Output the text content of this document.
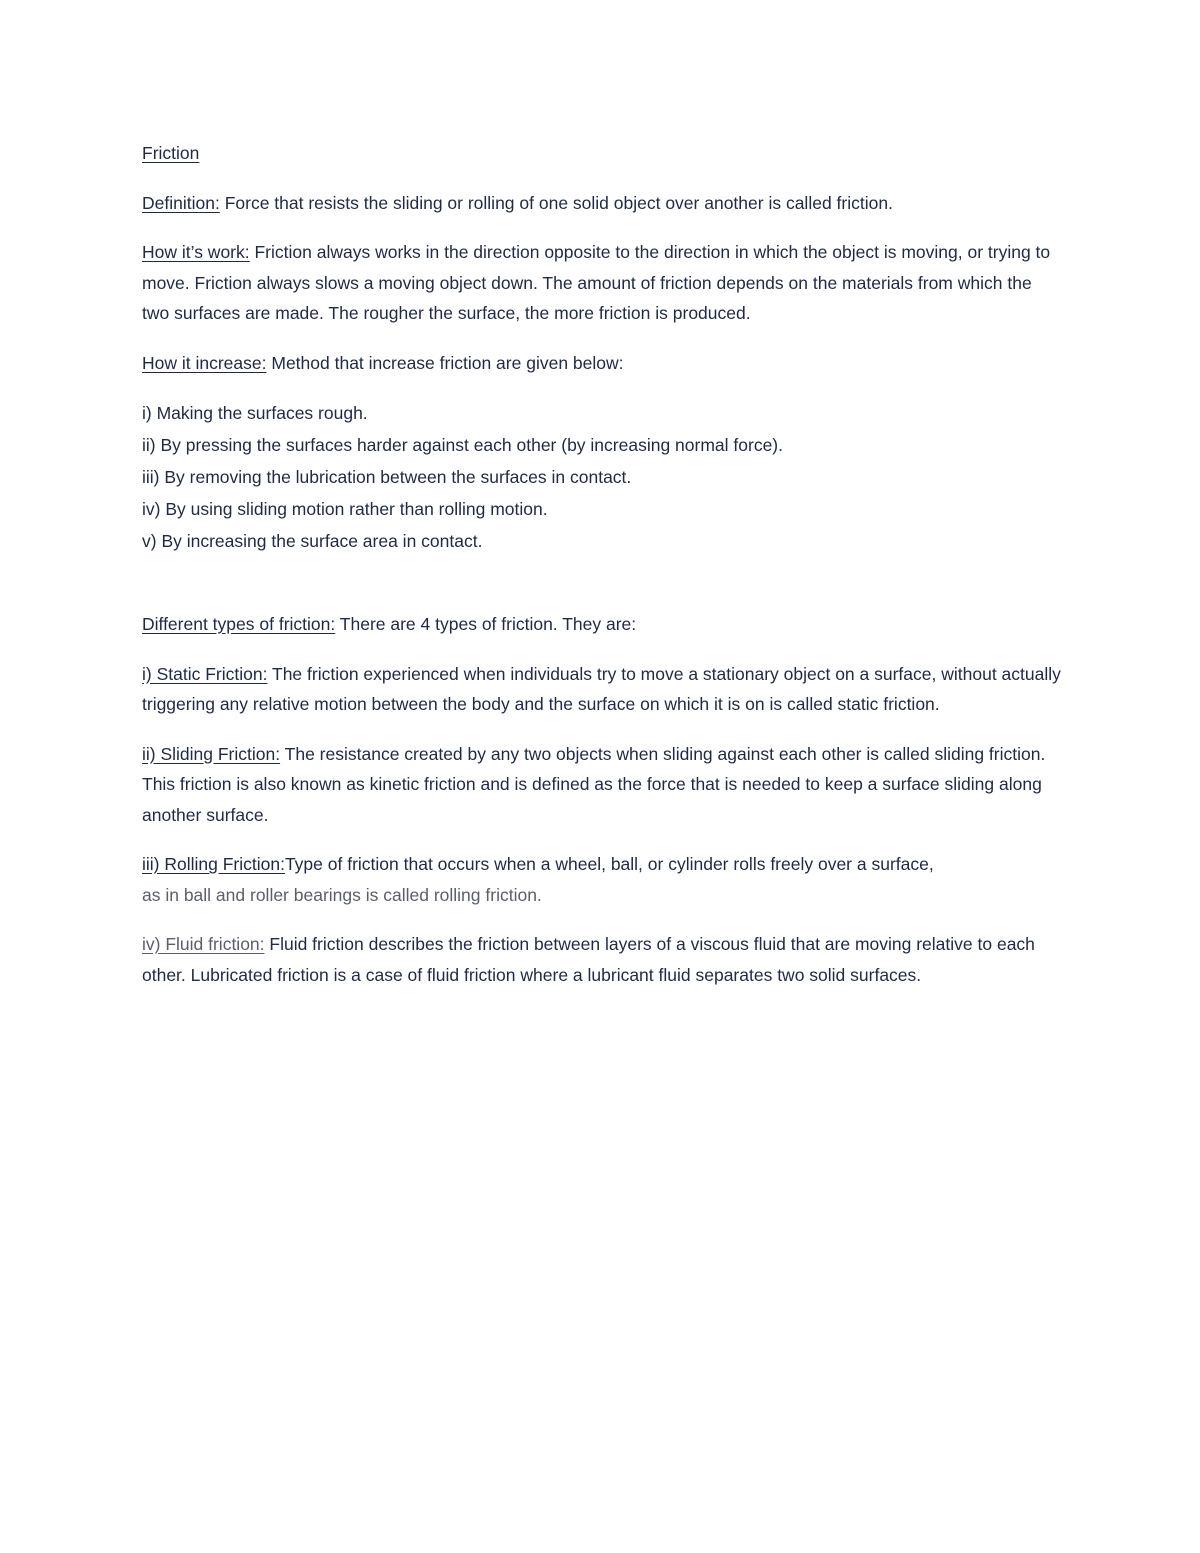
Friction

Definition: Force that resists the sliding or rolling of one solid object over another is called friction.

How it’s work: Friction always works in the direction opposite to the direction in which the object is moving, or trying to move. Friction always slows a moving object down. The amount of friction depends on the materials from which the two surfaces are made. The rougher the surface, the more friction is produced.

How it increase: Method that increase friction are given below:

i) Making the surfaces rough.

ii) By pressing the surfaces harder against each other (by increasing normal force).

iii) By removing the lubrication between the surfaces in contact.

iv) By using sliding motion rather than rolling motion.

v) By increasing the surface area in contact.

Different types of friction: There are 4 types of friction. They are:

i) Static Friction: The friction experienced when individuals try to move a stationary object on a surface, without actually triggering any relative motion between the body and the surface on which it is on is called static friction.

ii) Sliding Friction: The resistance created by any two objects when sliding against each other is called sliding friction. This friction is also known as kinetic friction and is defined as the force that is needed to keep a surface sliding along another surface.

iii) Rolling Friction:Type of friction that occurs when a wheel, ball, or cylinder rolls freely over a surface,
as in ball and roller bearings is called rolling friction.

iv) Fluid friction: Fluid friction describes the friction between layers of a viscous fluid that are moving relative to each other. Lubricated friction is a case of fluid friction where a lubricant fluid separates two solid surfaces.
